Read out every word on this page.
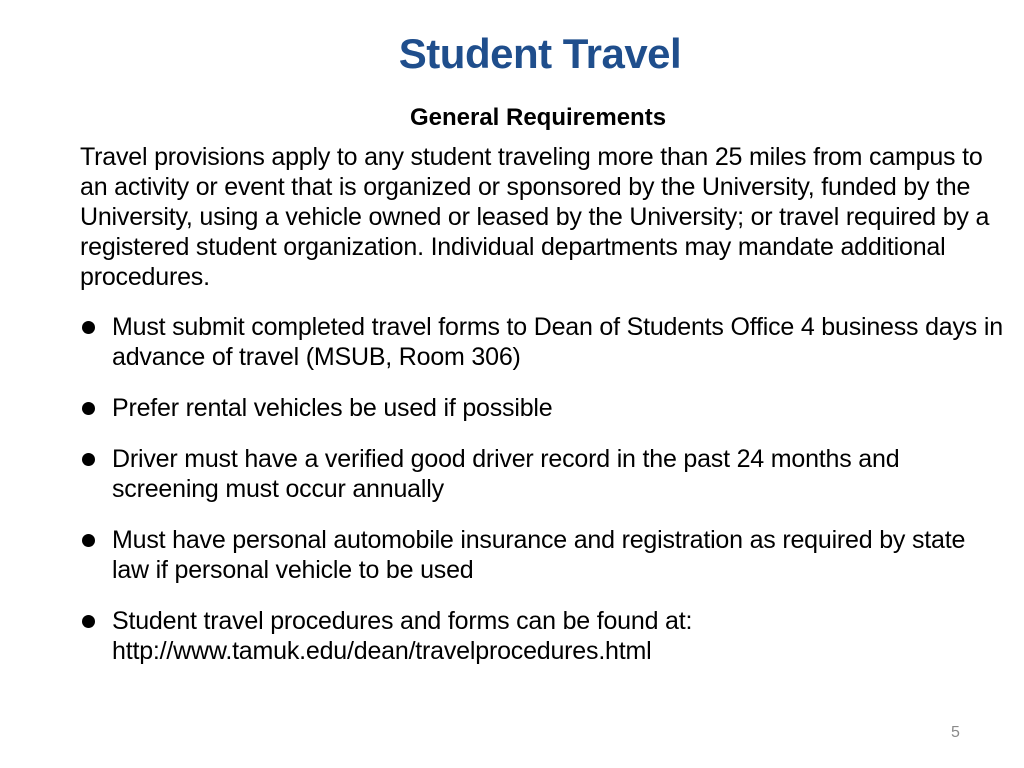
Student Travel
General Requirements

Travel provisions apply to any student traveling more than 25 miles from campus to an activity or event that is organized or sponsored by the University, funded by the University, using a vehicle owned or leased by the University; or travel required by a registered student organization. Individual departments may mandate additional procedures.

Must submit completed travel forms to Dean of Students Office 4 business days in advance of travel (MSUB, Room 306)
Prefer rental vehicles be used if possible
Driver must have a verified good driver record in the past 24 months and screening must occur annually
Must have personal automobile insurance and registration as required by state law if personal vehicle to be used
Student travel procedures and forms can be found at: http://www.tamuk.edu/dean/travelprocedures.html
5
